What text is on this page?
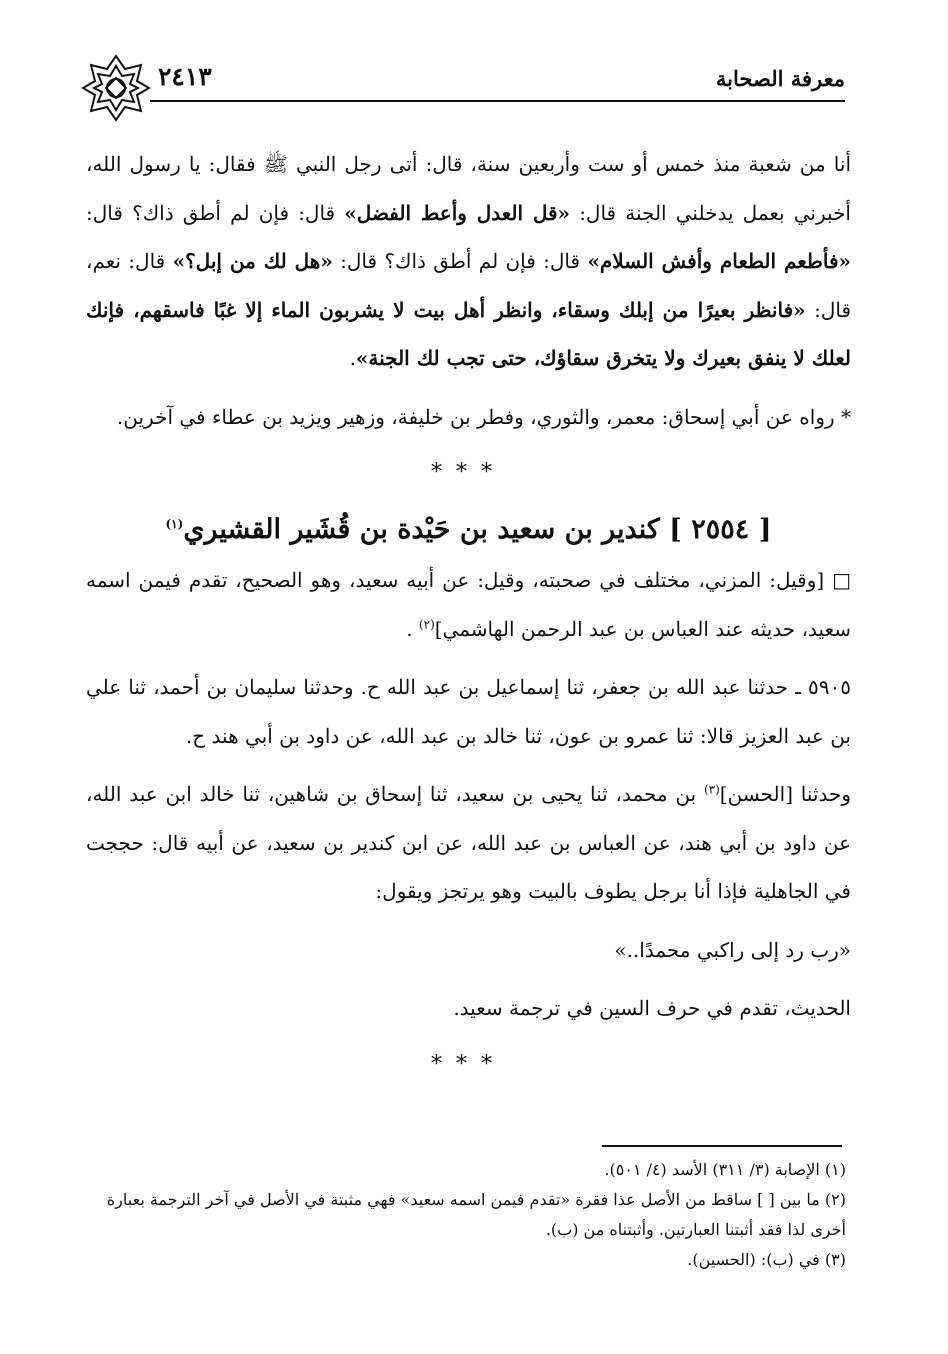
٢٤١٣	معرفة الصحابة

أنا من شعبة منذ خمس أو ست وأربعين سنة، قال: أتى رجل النبي ﷺ فقال: يا رسول الله، أخبرني بعمل يدخلني الجنة قال: «قل العدل وأعط الفضل» قال: فإن لم أطق ذاك؟ قال: «فأطعم الطعام وأفش السلام» قال: فإن لم أطق ذاك؟ قال: «هل لك من إبل؟» قال: نعم، قال: «فانظر بعيرًا من إبلك وسقاء، وانظر أهل بيت لا يشربون الماء إلا غبًا فاسقهم، فإنك لعلك لا ينفق بعيرك ولا يتخرق سقاؤك، حتى تجب لك الجنة».

* رواه عن أبي إسحاق: معمر، والثوري، وفطر بن خليفة، وزهير ويزيد بن عطاء في آخرين.

***
[ ٢٥٥٤ ] كندير بن سعيد بن حَيْدة بن قُشَير القشيري$^{(١)}$

□ [وقيل: المزني، مختلف في صحبته، وقيل: عن أبيه سعيد، وهو الصحيح، تقدم فيمن اسمه سعيد، حديثه عند العباس بن عبد الرحمن الهاشمي]$^{(٢)}$ .

٥٩٠٥ ـ حدثنا عبد الله بن جعفر، ثنا إسماعيل بن عبد الله ح. وحدثنا سليمان بن أحمد، ثنا علي بن عبد العزيز قالا: ثنا عمرو بن عون، ثنا خالد بن عبد الله، عن داود بن أبي هند ح.

وحدثنا [الحسن]$^{(٣)}$ بن محمد، ثنا يحيى بن سعيد، ثنا إسحاق بن شاهين، ثنا خالد ابن عبد الله، عن داود بن أبي هند، عن العباس بن عبد الله، عن ابن كندير بن سعيد، عن أبيه قال: حججت في الجاهلية فإذا أنا برجل يطوف بالبيت وهو يرتجز ويقول:

«رب رد إلى راكبي محمدًا..»

الحديث، تقدم في حرف السين في ترجمة سعيد.

***

(١) الإصابة (٣/ ٣١١) الأسد (٤/ ٥٠١).

(٢) ما بين [ ] ساقط من الأصل عذا فقرة «تقدم فيمن اسمه سعيد» فهي مثبتة في الأصل في آخر الترجمة بعبارة أخرى لذا فقد أثبتنا العبارتين. وأثبتناه من (ب).

(٣) في (ب): (الحسين).
